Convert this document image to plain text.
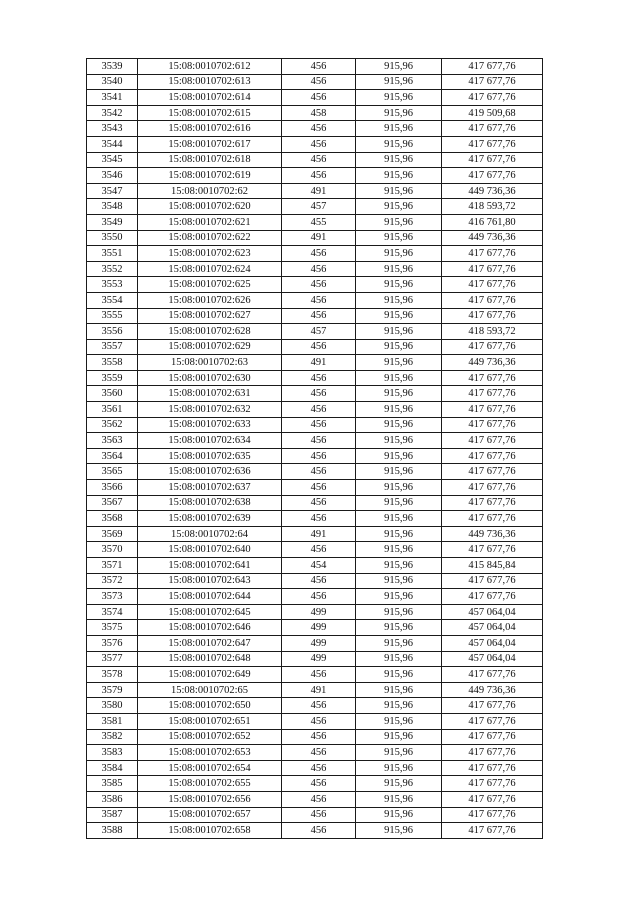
3539	15:08:0010702:612	456	915,96	417 677,76
3540	15:08:0010702:613	456	915,96	417 677,76
3541	15:08:0010702:614	456	915,96	417 677,76
3542	15:08:0010702:615	458	915,96	419 509,68
3543	15:08:0010702:616	456	915,96	417 677,76
3544	15:08:0010702:617	456	915,96	417 677,76
3545	15:08:0010702:618	456	915,96	417 677,76
3546	15:08:0010702:619	456	915,96	417 677,76
3547	15:08:0010702:62	491	915,96	449 736,36
3548	15:08:0010702:620	457	915,96	418 593,72
3549	15:08:0010702:621	455	915,96	416 761,80
3550	15:08:0010702:622	491	915,96	449 736,36
3551	15:08:0010702:623	456	915,96	417 677,76
3552	15:08:0010702:624	456	915,96	417 677,76
3553	15:08:0010702:625	456	915,96	417 677,76
3554	15:08:0010702:626	456	915,96	417 677,76
3555	15:08:0010702:627	456	915,96	417 677,76
3556	15:08:0010702:628	457	915,96	418 593,72
3557	15:08:0010702:629	456	915,96	417 677,76
3558	15:08:0010702:63	491	915,96	449 736,36
3559	15:08:0010702:630	456	915,96	417 677,76
3560	15:08:0010702:631	456	915,96	417 677,76
3561	15:08:0010702:632	456	915,96	417 677,76
3562	15:08:0010702:633	456	915,96	417 677,76
3563	15:08:0010702:634	456	915,96	417 677,76
3564	15:08:0010702:635	456	915,96	417 677,76
3565	15:08:0010702:636	456	915,96	417 677,76
3566	15:08:0010702:637	456	915,96	417 677,76
3567	15:08:0010702:638	456	915,96	417 677,76
3568	15:08:0010702:639	456	915,96	417 677,76
3569	15:08:0010702:64	491	915,96	449 736,36
3570	15:08:0010702:640	456	915,96	417 677,76
3571	15:08:0010702:641	454	915,96	415 845,84
3572	15:08:0010702:643	456	915,96	417 677,76
3573	15:08:0010702:644	456	915,96	417 677,76
3574	15:08:0010702:645	499	915,96	457 064,04
3575	15:08:0010702:646	499	915,96	457 064,04
3576	15:08:0010702:647	499	915,96	457 064,04
3577	15:08:0010702:648	499	915,96	457 064,04
3578	15:08:0010702:649	456	915,96	417 677,76
3579	15:08:0010702:65	491	915,96	449 736,36
3580	15:08:0010702:650	456	915,96	417 677,76
3581	15:08:0010702:651	456	915,96	417 677,76
3582	15:08:0010702:652	456	915,96	417 677,76
3583	15:08:0010702:653	456	915,96	417 677,76
3584	15:08:0010702:654	456	915,96	417 677,76
3585	15:08:0010702:655	456	915,96	417 677,76
3586	15:08:0010702:656	456	915,96	417 677,76
3587	15:08:0010702:657	456	915,96	417 677,76
3588	15:08:0010702:658	456	915,96	417 677,76
